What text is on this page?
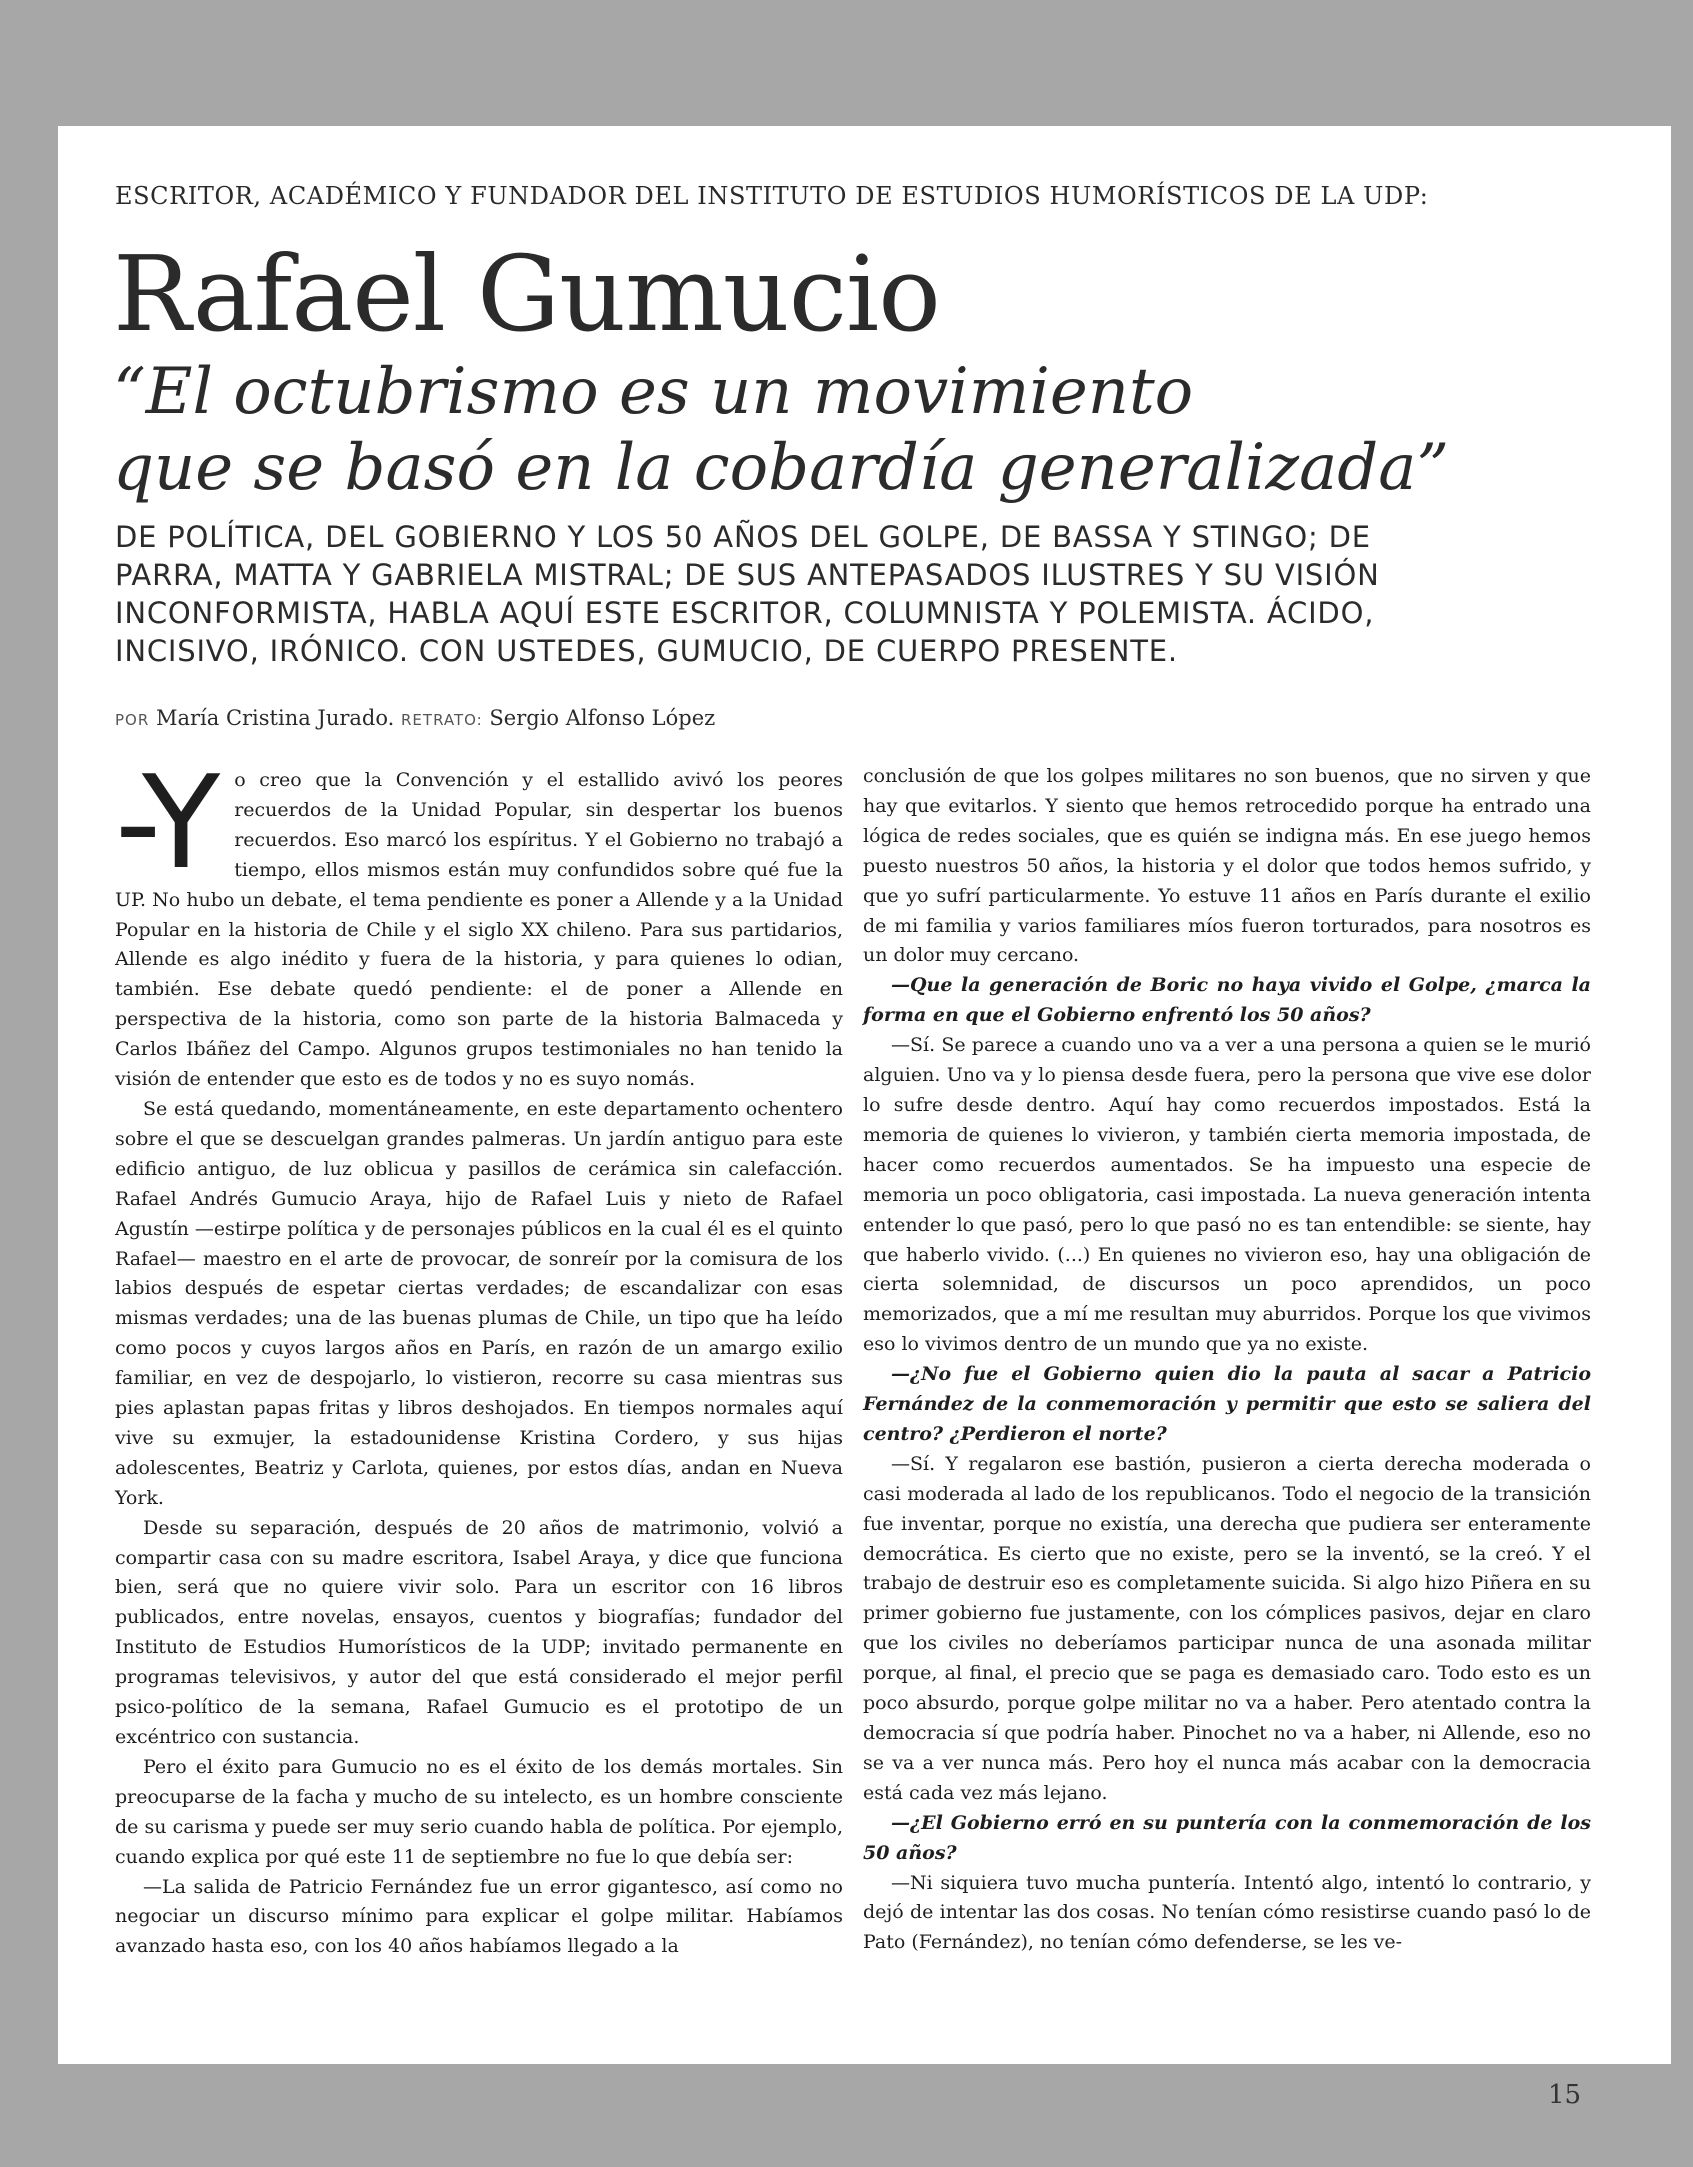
ESCRITOR, ACADÉMICO Y FUNDADOR DEL INSTITUTO DE ESTUDIOS HUMORÍSTICOS DE LA UDP:
Rafael Gumucio
“El octubrismo es un movimiento
que se basó en la cobardía generalizada”
DE POLÍTICA, DEL GOBIERNO Y LOS 50 AÑOS DEL GOLPE, DE BASSA Y STINGO; DE
PARRA, MATTA Y GABRIELA MISTRAL; DE SUS ANTEPASADOS ILUSTRES Y SU VISIÓN
INCONFORMISTA, HABLA AQUÍ ESTE ESCRITOR, COLUMNISTA Y POLEMISTA. ÁCIDO,
INCISIVO, IRÓNICO. CON USTEDES, GUMUCIO, DE CUERPO PRESENTE.
POR María Cristina Jurado. RETRATO: Sergio Alfonso López

-Y o creo que la Convención y el estallido avivó los peores recuerdos de la Unidad Popular, sin despertar los buenos recuerdos. Eso marcó los espíritus. Y el Gobierno no trabajó a tiempo, ellos mismos están muy confundidos sobre qué fue la UP. No hubo un debate, el tema pendiente es poner a Allende y a la Unidad Popular en la historia de Chile y el siglo XX chileno. Para sus partidarios, Allende es algo inédito y fuera de la historia, y para quienes lo odian, también. Ese debate quedó pendiente: el de poner a Allende en perspectiva de la historia, como son parte de la historia Balmaceda y Carlos Ibáñez del Campo. Algunos grupos testimoniales no han tenido la visión de entender que esto es de todos y no es suyo nomás.

Se está quedando, momentáneamente, en este departamento ochentero sobre el que se descuelgan grandes palmeras. Un jardín antiguo para este edificio antiguo, de luz oblicua y pasillos de cerámica sin calefacción. Rafael Andrés Gumucio Araya, hijo de Rafael Luis y nieto de Rafael Agustín —estirpe política y de personajes públicos en la cual él es el quinto Rafael— maestro en el arte de provocar, de sonreír por la comisura de los labios después de espetar ciertas verdades; de escandalizar con esas mismas verdades; una de las buenas plumas de Chile, un tipo que ha leído como pocos y cuyos largos años en París, en razón de un amargo exilio familiar, en vez de despojarlo, lo vistieron, recorre su casa mientras sus pies aplastan papas fritas y libros deshojados. En tiempos normales aquí vive su exmujer, la estadounidense Kristina Cordero, y sus hijas adolescentes, Beatriz y Carlota, quienes, por estos días, andan en Nueva York.

Desde su separación, después de 20 años de matrimonio, volvió a compartir casa con su madre escritora, Isabel Araya, y dice que funciona bien, será que no quiere vivir solo. Para un escritor con 16 libros publicados, entre novelas, ensayos, cuentos y biografías; fundador del Instituto de Estudios Humorísticos de la UDP; invitado permanente en programas televisivos, y autor del que está considerado el mejor perfil psico-político de la semana, Rafael Gumucio es el prototipo de un excéntrico con sustancia.

Pero el éxito para Gumucio no es el éxito de los demás mortales. Sin preocuparse de la facha y mucho de su intelecto, es un hombre consciente de su carisma y puede ser muy serio cuando habla de política. Por ejemplo, cuando explica por qué este 11 de septiembre no fue lo que debía ser:

—La salida de Patricio Fernández fue un error gigantesco, así como no negociar un discurso mínimo para explicar el golpe militar. Habíamos avanzado hasta eso, con los 40 años habíamos llegado a la

conclusión de que los golpes militares no son buenos, que no sirven y que hay que evitarlos. Y siento que hemos retrocedido porque ha entrado una lógica de redes sociales, que es quién se indigna más. En ese juego hemos puesto nuestros 50 años, la historia y el dolor que todos hemos sufrido, y que yo sufrí particularmente. Yo estuve 11 años en París durante el exilio de mi familia y varios familiares míos fueron torturados, para nosotros es un dolor muy cercano.

—Que la generación de Boric no haya vivido el Golpe, ¿marca la forma en que el Gobierno enfrentó los 50 años?

—Sí. Se parece a cuando uno va a ver a una persona a quien se le murió alguien. Uno va y lo piensa desde fuera, pero la persona que vive ese dolor lo sufre desde dentro. Aquí hay como recuerdos impostados. Está la memoria de quienes lo vivieron, y también cierta memoria impostada, de hacer como recuerdos aumentados. Se ha impuesto una especie de memoria un poco obligatoria, casi impostada. La nueva generación intenta entender lo que pasó, pero lo que pasó no es tan entendible: se siente, hay que haberlo vivido. (...) En quienes no vivieron eso, hay una obligación de cierta solemnidad, de discursos un poco aprendidos, un poco memorizados, que a mí me resultan muy aburridos. Porque los que vivimos eso lo vivimos dentro de un mundo que ya no existe.

—¿No fue el Gobierno quien dio la pauta al sacar a Patricio Fernández de la conmemoración y permitir que esto se saliera del centro? ¿Perdieron el norte?

—Sí. Y regalaron ese bastión, pusieron a cierta derecha moderada o casi moderada al lado de los republicanos. Todo el negocio de la transición fue inventar, porque no existía, una derecha que pudiera ser enteramente democrática. Es cierto que no existe, pero se la inventó, se la creó. Y el trabajo de destruir eso es completamente suicida. Si algo hizo Piñera en su primer gobierno fue justamente, con los cómplices pasivos, dejar en claro que los civiles no deberíamos participar nunca de una asonada militar porque, al final, el precio que se paga es demasiado caro. Todo esto es un poco absurdo, porque golpe militar no va a haber. Pero atentado contra la democracia sí que podría haber. Pinochet no va a haber, ni Allende, eso no se va a ver nunca más. Pero hoy el nunca más acabar con la democracia está cada vez más lejano.

—¿El Gobierno erró en su puntería con la conmemoración de los 50 años?

—Ni siquiera tuvo mucha puntería. Intentó algo, intentó lo contrario, y dejó de intentar las dos cosas. No tenían cómo resistirse cuando pasó lo de Pato (Fernández), no tenían cómo defenderse, se les ve-

15
